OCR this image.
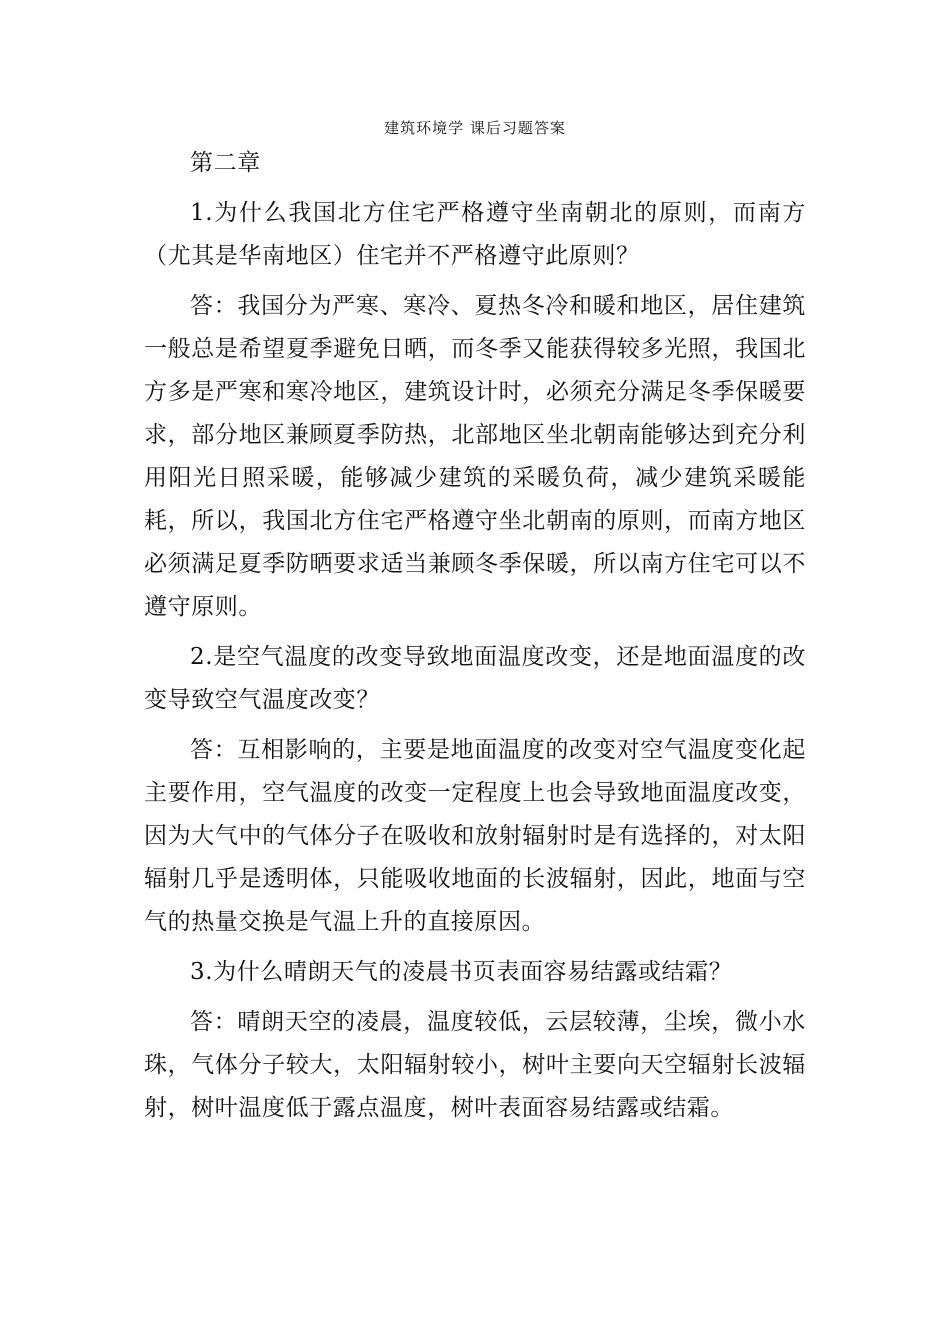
建筑环境学 课后习题答案

第二章

1.为什么我国北方住宅严格遵守坐南朝北的原则，而南方（尤其是华南地区）住宅并不严格遵守此原则？

答：我国分为严寒、寒冷、夏热冬冷和暖和地区，居住建筑一般总是希望夏季避免日晒，而冬季又能获得较多光照，我国北方多是严寒和寒冷地区，建筑设计时，必须充分满足冬季保暖要求，部分地区兼顾夏季防热，北部地区坐北朝南能够达到充分利用阳光日照采暖，能够减少建筑的采暖负荷，减少建筑采暖能耗，所以，我国北方住宅严格遵守坐北朝南的原则，而南方地区必须满足夏季防晒要求适当兼顾冬季保暖，所以南方住宅可以不遵守原则。

2.是空气温度的改变导致地面温度改变，还是地面温度的改变导致空气温度改变？

答：互相影响的，主要是地面温度的改变对空气温度变化起主要作用，空气温度的改变一定程度上也会导致地面温度改变，因为大气中的气体分子在吸收和放射辐射时是有选择的，对太阳辐射几乎是透明体，只能吸收地面的长波辐射，因此，地面与空气的热量交换是气温上升的直接原因。

3.为什么晴朗天气的凌晨书页表面容易结露或结霜？

答：晴朗天空的凌晨，温度较低，云层较薄，尘埃，微小水珠，气体分子较大，太阳辐射较小，树叶主要向天空辐射长波辐射，树叶温度低于露点温度，树叶表面容易结露或结霜。
